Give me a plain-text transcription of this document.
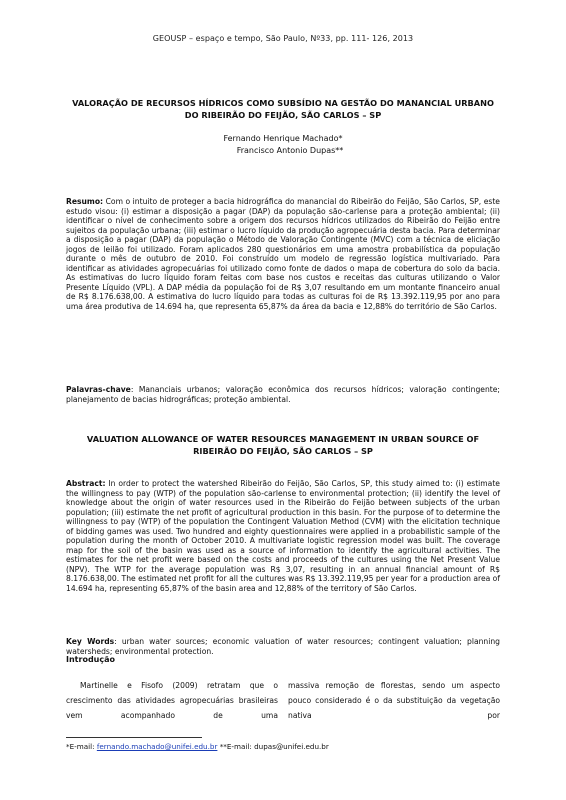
GEOUSP – espaço e tempo, São Paulo, Nº33, pp. 111- 126, 2013
VALORAÇÃO DE RECURSOS HÍDRICOS COMO SUBSÍDIO NA GESTÃO DO MANANCIAL URBANO DO RIBEIRÃO DO FEIJÃO, SÃO CARLOS – SP
Fernando Henrique Machado*
Francisco Antonio Dupas**

Resumo: Com o intuito de proteger a bacia hidrográfica do manancial do Ribeirão do Feijão, São Carlos, SP, este estudo visou: (i) estimar a disposição a pagar (DAP) da população são-carlense para a proteção ambiental; (ii) identificar o nível de conhecimento sobre a origem dos recursos hídricos utilizados do Ribeirão do Feijão entre sujeitos da população urbana; (iii) estimar o lucro líquido da produção agropecuária desta bacia. Para determinar a disposição a pagar (DAP) da população o Método de Valoração Contingente (MVC) com a técnica de eliciação jogos de leilão foi utilizado. Foram aplicados 280 questionários em uma amostra probabilística da população durante o mês de outubro de 2010. Foi construído um modelo de regressão logística multivariado. Para identificar as atividades agropecuárias foi utilizado como fonte de dados o mapa de cobertura do solo da bacia. As estimativas do lucro líquido foram feitas com base nos custos e receitas das culturas utilizando o Valor Presente Líquido (VPL). A DAP média da população foi de R$ 3,07 resultando em um montante financeiro anual de R$ 8.176.638,00. A estimativa do lucro líquido para todas as culturas foi de R$ 13.392.119,95 por ano para uma área produtiva de 14.694 ha, que representa 65,87% da área da bacia e 12,88% do território de São Carlos.

Palavras-chave: Mananciais urbanos; valoração econômica dos recursos hídricos; valoração contingente; planejamento de bacias hidrográficas; proteção ambiental.

VALUATION ALLOWANCE OF WATER RESOURCES MANAGEMENT IN URBAN SOURCE OF RIBEIRÃO DO FEIJÃO, SÃO CARLOS – SP

Abstract: In order to protect the watershed Ribeirão do Feijão, São Carlos, SP, this study aimed to: (i) estimate the willingness to pay (WTP) of the population são-carlense to environmental protection; (ii) identify the level of knowledge about the origin of water resources used in the Ribeirão do Feijão between subjects of the urban population; (iii) estimate the net profit of agricultural production in this basin. For the purpose of to determine the willingness to pay (WTP) of the population the Contingent Valuation Method (CVM) with the elicitation technique of bidding games was used. Two hundred and eighty questionnaires were applied in a probabilistic sample of the population during the month of October 2010. A multivariate logistic regression model was built. The coverage map for the soil of the basin was used as a source of information to identify the agricultural activities. The estimates for the net profit were based on the costs and proceeds of the cultures using the Net Present Value (NPV). The WTP for the average population was R$ 3,07, resulting in an annual financial amount of R$ 8.176.638,00. The estimated net profit for all the cultures was R$ 13.392.119,95 per year for a production area of 14.694 ha, representing 65,87% of the basin area and 12,88% of the territory of São Carlos.

Key Words: urban water sources; economic valuation of water resources; contingent valuation; planning watersheds; environmental protection.

Introdução

Martinelle e Fisofo (2009) retratam que o crescimento das atividades agropecuárias brasileiras vem acompanhado de uma

massiva remoção de florestas, sendo um aspecto pouco considerado é o da substituição da vegetação nativa por

*E-mail: fernando.machado@unifei.edu.br **E-mail: dupas@unifei.edu.br
